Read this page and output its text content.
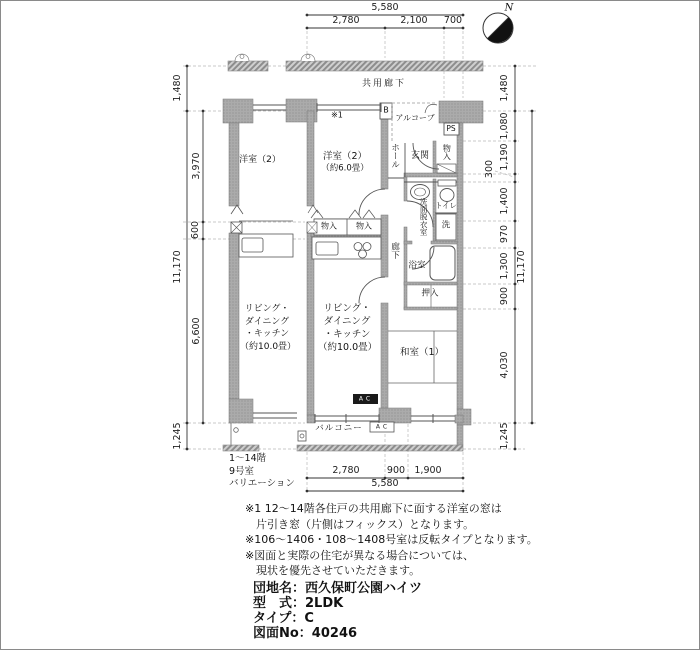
5,580
2,780	2,100	700
2,780	900 1,900
5,580
1,480
3,970
600
6,600
11,170
1,245
1,480
1,080
1,190
300
1,400
970
1,300
900
4,030
11,170
1,245
N
共用廊下
※1
B
アルコーブ
PS
ホール 玄関 物入
トイレ
洗
洗面脱衣室
廊下
浴室
押入
和室（1）
洋室（2）
（約6.0畳）
物入 物入
リビング・
ダイニング
・キッチン
（約10.0畳）
AC
バルコニー AC
洋室（2）
リビング・
ダイニング
・キッチン
（約10.0畳）
1〜14階
9号室
バリエーション
※1 12〜14階各住戸の共用廊下に面する洋室の窓は
　片引き窓（片側はフィックス）となります。
※106〜1406・108〜1408号室は反転タイプとなります。
※図面と実際の住宅が異なる場合については、
　現状を優先させていただきます。
団地名：西久保町公園ハイツ
型　式：2LDK
タイプ：C
図面No：40246
